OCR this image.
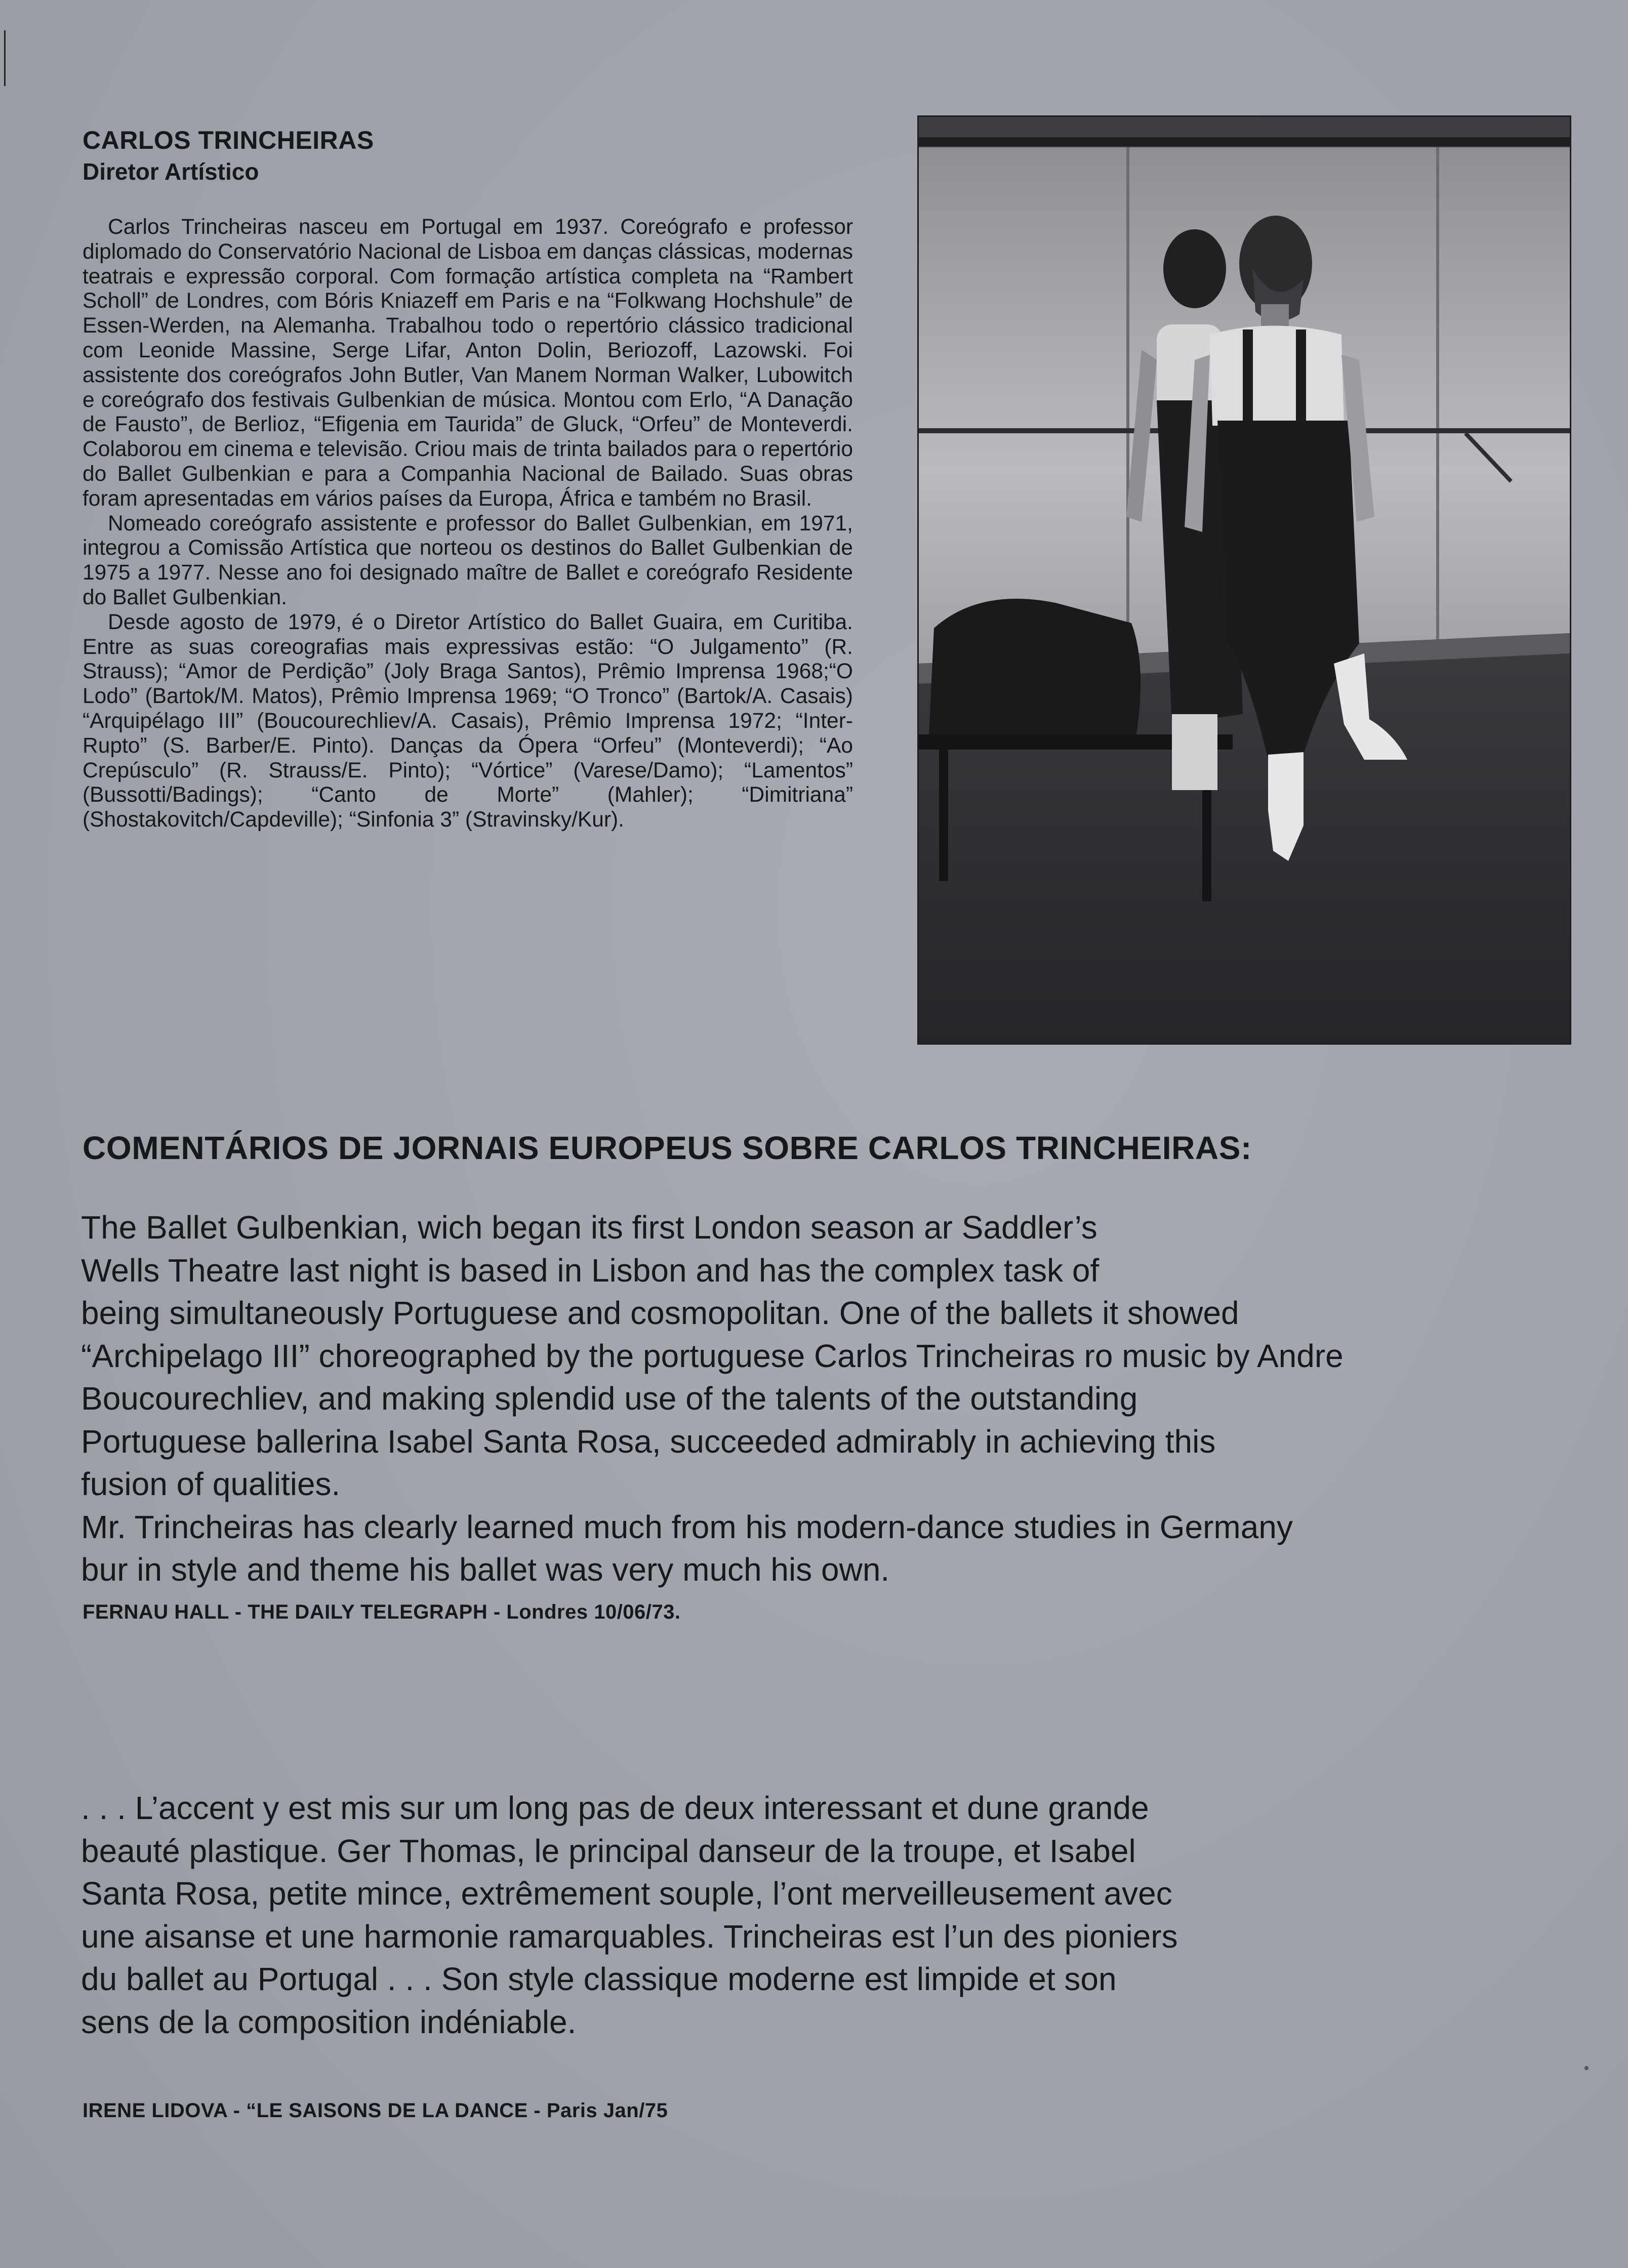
CARLOS TRINCHEIRAS
Diretor Artístico

Carlos Trincheiras nasceu em Portugal em 1937. Coreógrafo e professor diplomado do Conservatório Nacional de Lisboa em danças clássicas, modernas teatrais e expressão corporal. Com formação artística completa na “Rambert Scholl” de Londres, com Bóris Kniazeff em Paris e na “Folkwang Hochshule” de Essen-Werden, na Alemanha. Trabalhou todo o repertório clássico tradicional com Leonide Massine, Serge Lifar, Anton Dolin, Beriozoff, Lazowski. Foi assistente dos coreógrafos John Butler, Van Manem Norman Walker, Lubowitch e coreógrafo dos festivais Gulbenkian de música. Montou com Erlo, “A Danação de Fausto”, de Berlioz, “Efigenia em Taurida” de Gluck, “Orfeu” de Monteverdi. Colaborou em cinema e televisão. Criou mais de trinta bailados para o repertório do Ballet Gulbenkian e para a Companhia Nacional de Bailado. Suas obras foram apresentadas em vários países da Europa, África e também no Brasil.

Nomeado coreógrafo assistente e professor do Ballet Gulbenkian, em 1971, integrou a Comissão Artística que norteou os destinos do Ballet Gulbenkian de 1975 a 1977. Nesse ano foi designado maître de Ballet e coreógrafo Residente do Ballet Gulbenkian.

Desde agosto de 1979, é o Diretor Artístico do Ballet Guaira, em Curitiba. Entre as suas coreografias mais expressivas estão: “O Julgamento” (R. Strauss); “Amor de Perdição” (Joly Braga Santos), Prêmio Imprensa 1968;“O Lodo” (Bartok/M. Matos), Prêmio Imprensa 1969; “O Tronco” (Bartok/A. Casais) “Arquipélago III” (Boucourechliev/A. Casais), Prêmio Imprensa 1972; “Inter-Rupto” (S. Barber/E. Pinto). Danças da Ópera “Orfeu” (Monteverdi); “Ao Crepúsculo” (R. Strauss/E. Pinto); “Vórtice” (Varese/Damo); “Lamentos” (Bussotti/Badings); “Canto de Morte” (Mahler); “Dimitriana” (Shostakovitch/Capdeville); “Sinfonia 3” (Stravinsky/Kur).

COMENTÁRIOS DE JORNAIS EUROPEUS SOBRE CARLOS TRINCHEIRAS:

The Ballet Gulbenkian, wich began its first London season ar Saddler’s

Wells Theatre last night is based in Lisbon and has the complex task of

being simultaneously Portuguese and cosmopolitan. One of the ballets it showed

“Archipelago III” choreographed by the portuguese Carlos Trincheiras ro music by Andre

Boucourechliev, and making splendid use of the talents of the outstanding

Portuguese ballerina Isabel Santa Rosa, succeeded admirably in achieving this

fusion of qualities.

Mr. Trincheiras has clearly learned much from his modern-dance studies in Germany

bur in style and theme his ballet was very much his own.

FERNAU HALL - THE DAILY TELEGRAPH - Londres 10/06/73.

. . . L’accent y est mis sur um long pas de deux interessant et dune grande

beauté plastique. Ger Thomas, le principal danseur de la troupe, et Isabel

Santa Rosa, petite mince, extrêmement souple, l’ont merveilleusement avec

une aisanse et une harmonie ramarquables. Trincheiras est l’un des pioniers

du ballet au Portugal . . . Son style classique moderne est limpide et son

sens de la composition indéniable.

IRENE LIDOVA - “LE SAISONS DE LA DANCE - Paris Jan/75
